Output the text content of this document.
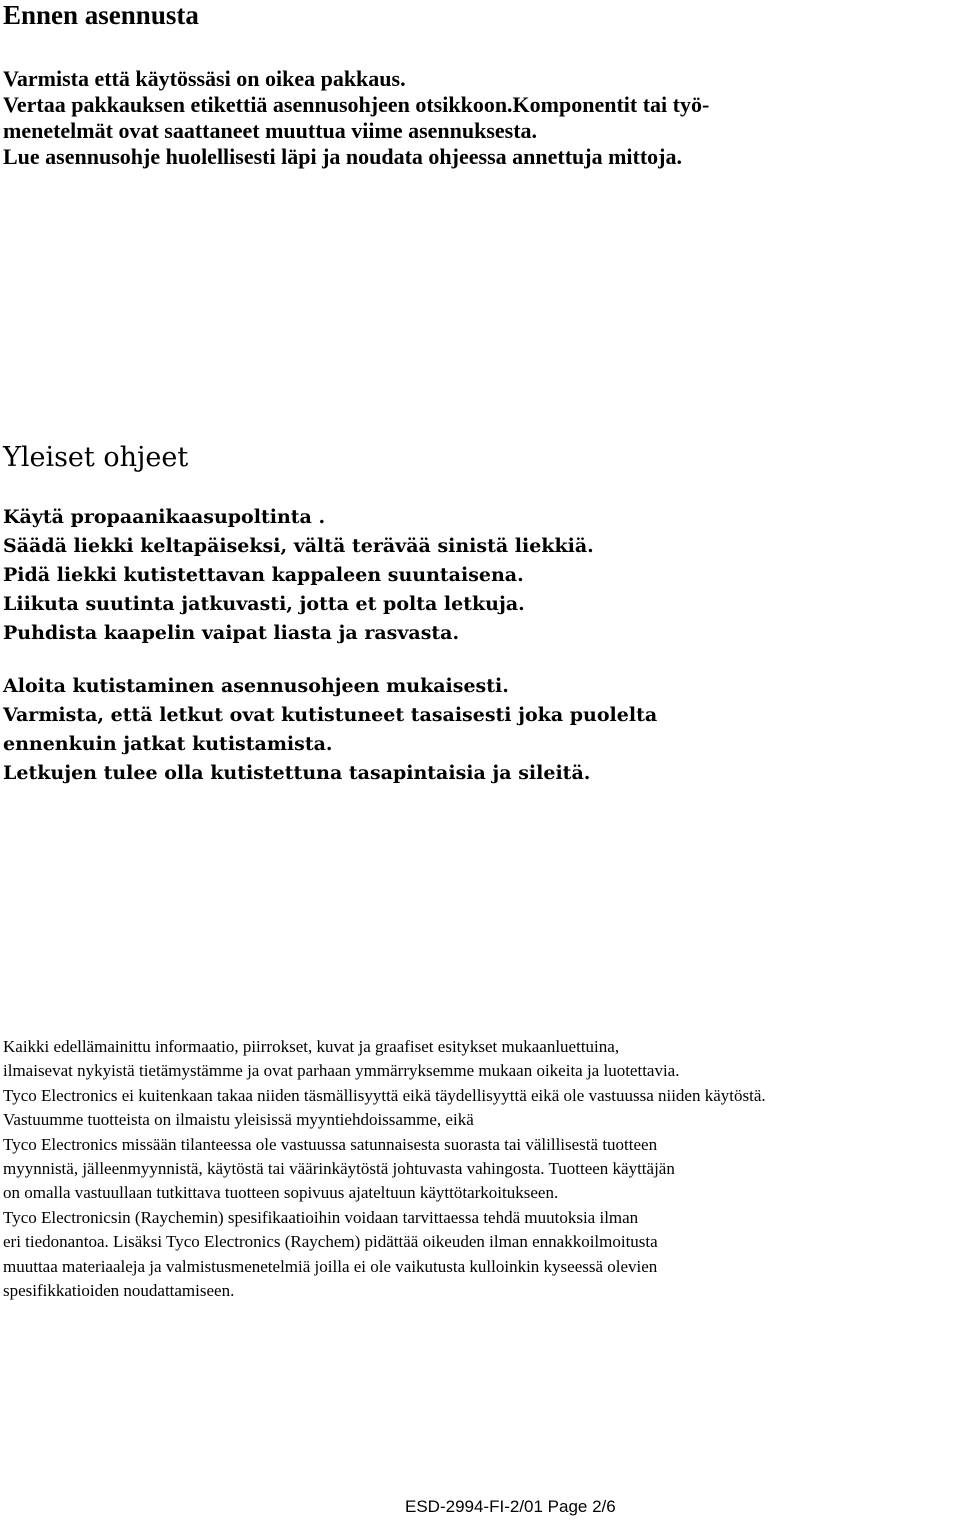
Ennen asennusta
Varmista että käytössäsi on oikea pakkaus.
Vertaa pakkauksen etikettiä asennusohjeen otsikkoon.Komponentit tai työ-
menetelmät ovat saattaneet muuttua viime asennuksesta.
Lue asennusohje huolellisesti läpi ja noudata ohjeessa annettuja mittoja.
Yleiset ohjeet
Käytä propaanikaasupoltinta .
Säädä liekki keltapäiseksi, vältä terävää sinistä liekkiä.
Pidä liekki kutistettavan kappaleen suuntaisena.
Liikuta suutinta jatkuvasti, jotta et polta letkuja.
Puhdista kaapelin vaipat liasta ja rasvasta.
Aloita kutistaminen asennusohjeen mukaisesti.
Varmista, että letkut ovat kutistuneet tasaisesti joka puolelta
ennenkuin jatkat kutistamista.
Letkujen tulee olla kutistettuna tasapintaisia ja sileitä.
Kaikki edellämainittu informaatio, piirrokset, kuvat ja graafiset esitykset mukaanluettuina,
ilmaisevat nykyistä tietämystämme ja ovat parhaan ymmärryksemme mukaan oikeita ja luotettavia.
Tyco Electronics ei kuitenkaan takaa niiden täsmällisyyttä eikä täydellisyyttä eikä ole vastuussa niiden käytöstä.
Vastuumme tuotteista on ilmaistu yleisissä myyntiehdoissamme, eikä
Tyco Electronics missään tilanteessa ole vastuussa satunnaisesta suorasta tai välillisestä tuotteen
myynnistä, jälleenmyynnistä, käytöstä tai väärinkäytöstä johtuvasta vahingosta. Tuotteen käyttäjän
on omalla vastuullaan tutkittava tuotteen sopivuus ajateltuun käyttötarkoitukseen.
Tyco Electronicsin (Raychemin) spesifikaatioihin voidaan tarvittaessa tehdä muutoksia ilman
eri tiedonantoa. Lisäksi Tyco Electronics (Raychem) pidättää oikeuden ilman ennakkoilmoitusta
muuttaa materiaaleja ja valmistusmenetelmiä joilla ei ole vaikutusta kulloinkin kyseessä olevien
spesifikkatioiden noudattamiseen.
ESD-2994-FI-2/01 Page 2/6
